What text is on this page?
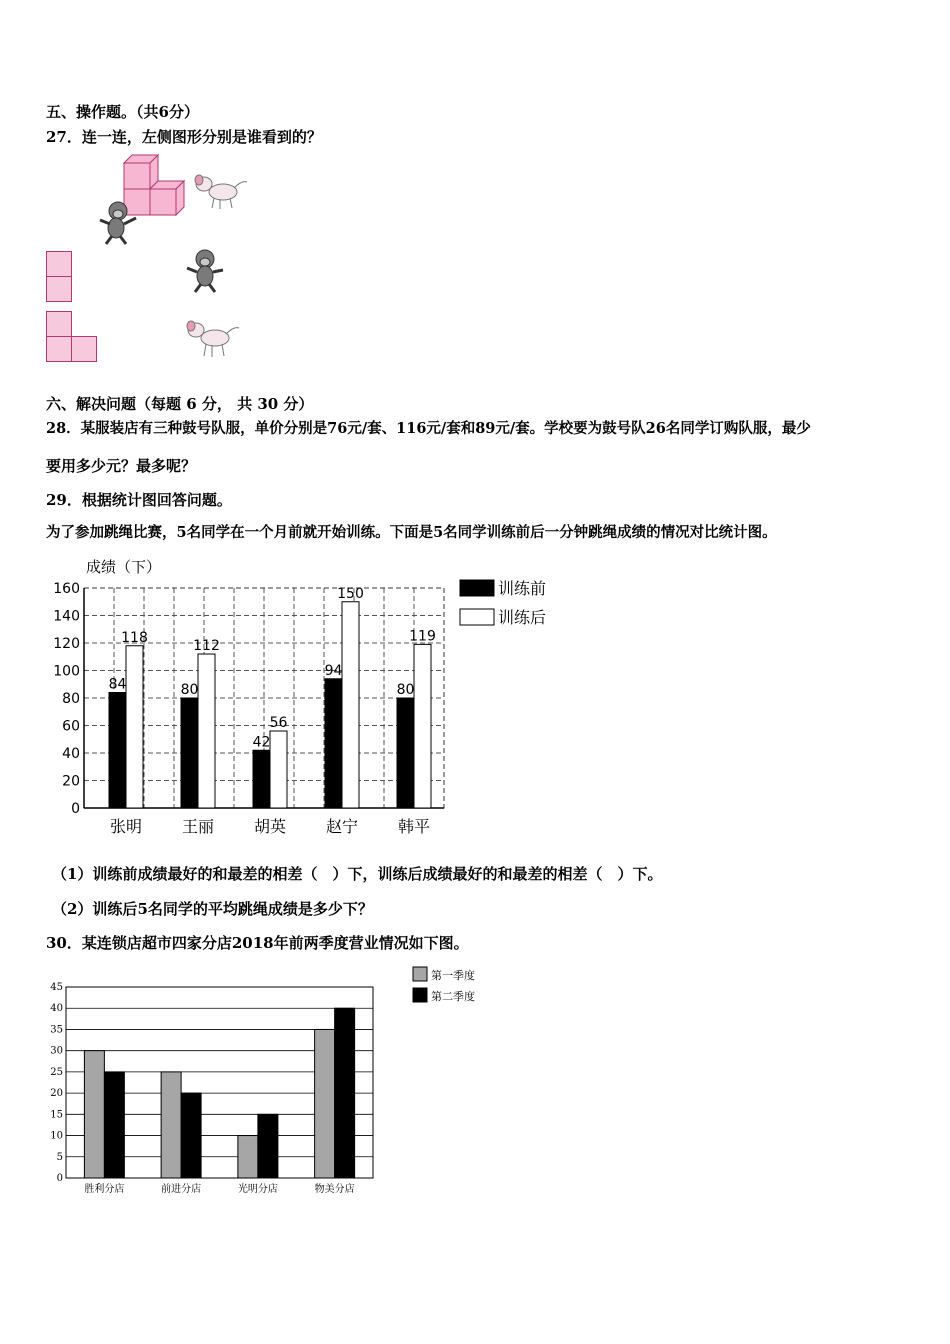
五、操作题。（共6分）
27．连一连，左侧图形分别是谁看到的？
六、解决问题（每题 6 分， 共 30 分）
28．某服装店有三种鼓号队服，单价分别是76元/套、116元/套和89元/套。学校要为鼓号队26名同学订购队服，最少
要用多少元？最多呢？
29．根据统计图回答问题。
为了参加跳绳比赛，5名同学在一个月前就开始训练。下面是5名同学训练前后一分钟跳绳成绩的情况对比统计图。
成绩（下）
0
20
40
60
80
100
120
140
160
84
118
80
112
42
56
94
150
80
119
张明 王丽 胡英 赵宁 韩平
训练前
训练后
（1）训练前成绩最好的和最差的相差（　）下，训练后成绩最好的和最差的相差（　）下。
（2）训练后5名同学的平均跳绳成绩是多少下？
30．某连锁店超市四家分店2018年前两季度营业情况如下图。
0
5
10
15
20
25
30
35
40
45
胜利分店	前进分店	光明分店	物美分店
第一季度
第二季度
